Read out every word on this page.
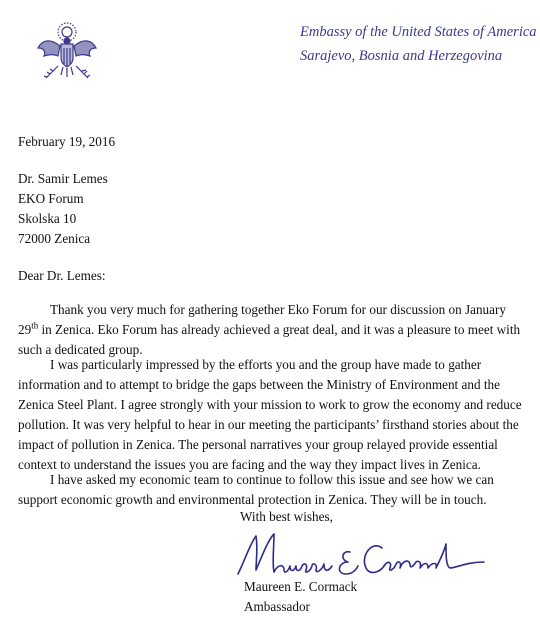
Embassy of the United States of America
Sarajevo, Bosnia and Herzegovina
February 19, 2016
Dr. Samir Lemes
EKO Forum
Skolska 10
72000 Zenica
Dear Dr. Lemes:
Thank you very much for gathering together Eko Forum for our discussion on January
29th in Zenica. Eko Forum has already achieved a great deal, and it was a pleasure to meet with
such a dedicated group.
I was particularly impressed by the efforts you and the group have made to gather
information and to attempt to bridge the gaps between the Ministry of Environment and the
Zenica Steel Plant. I agree strongly with your mission to work to grow the economy and reduce
pollution. It was very helpful to hear in our meeting the participants’ firsthand stories about the
impact of pollution in Zenica. The personal narratives your group relayed provide essential
context to understand the issues you are facing and the way they impact lives in Zenica.
I have asked my economic team to continue to follow this issue and see how we can
support economic growth and environmental protection in Zenica. They will be in touch.
With best wishes,
Maureen E. Cormack
Ambassador
